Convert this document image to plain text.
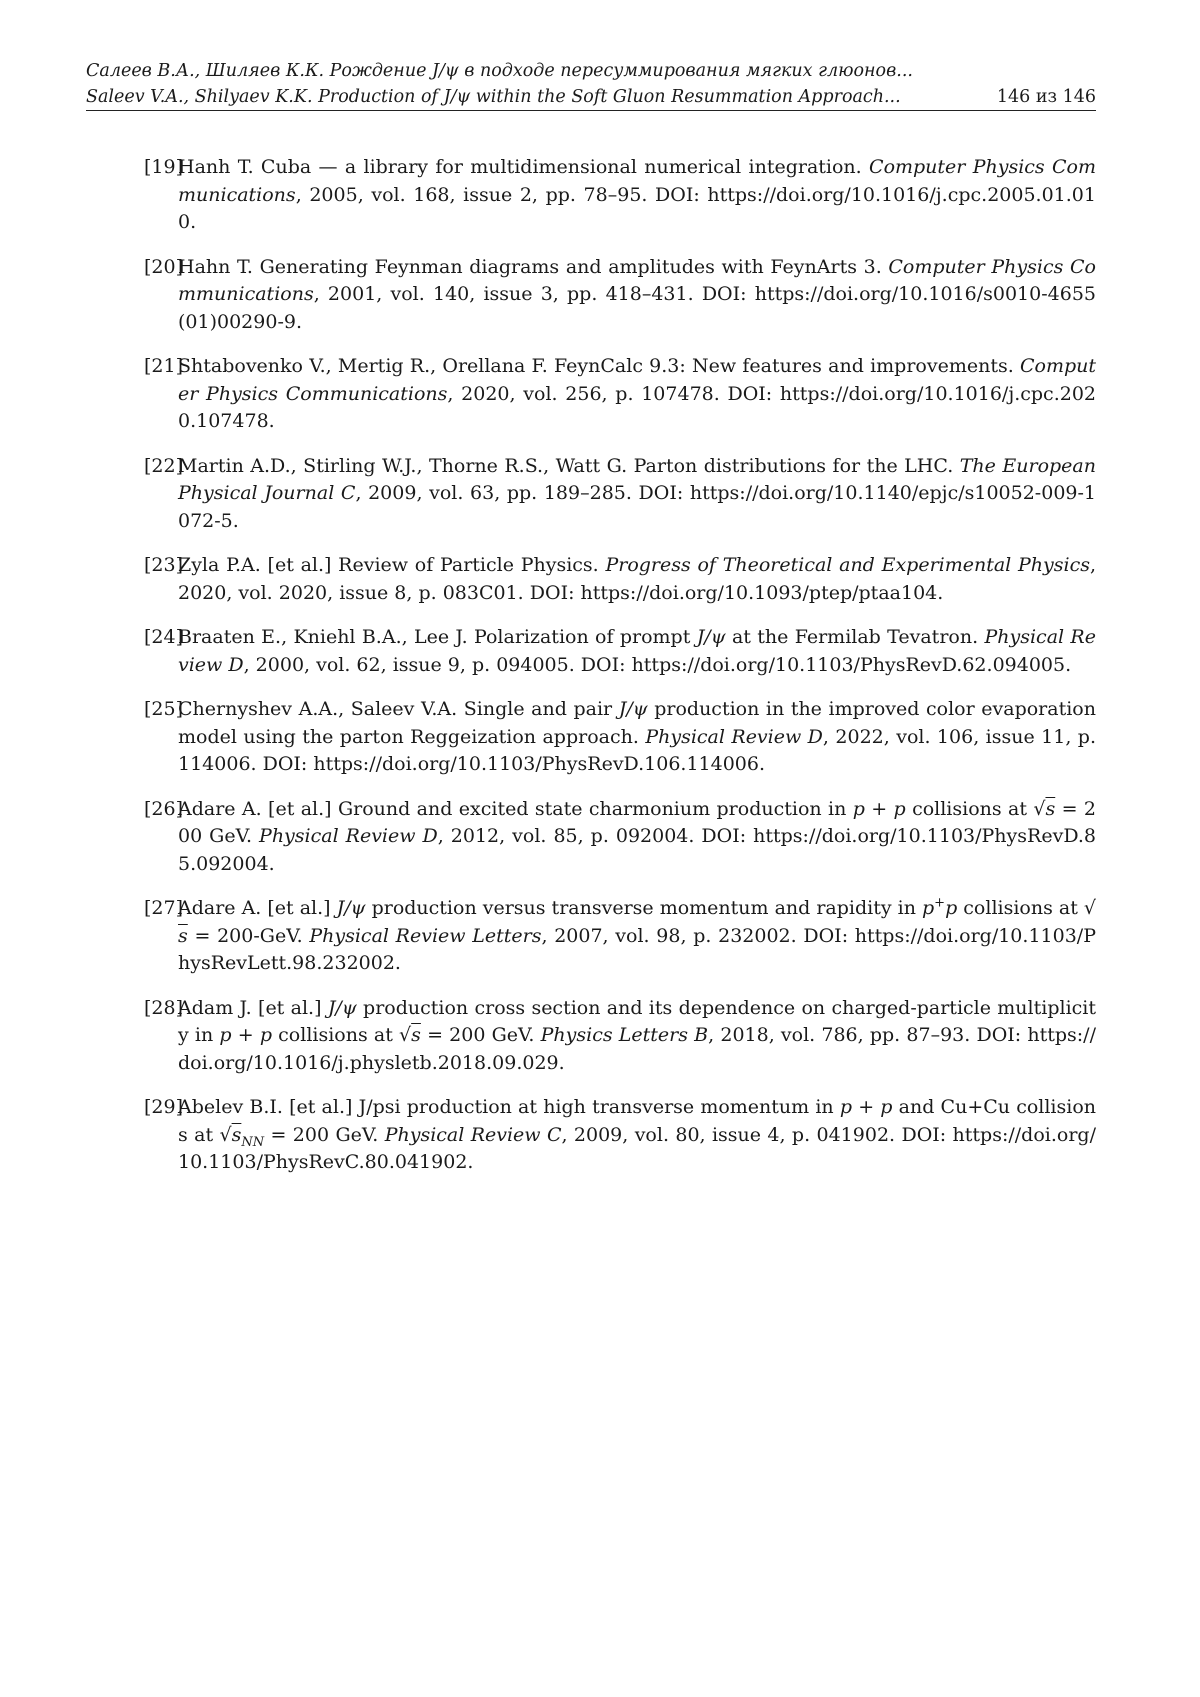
Салеев В.А., Шиляев К.К. Рождение J/ψ в подходе пересуммирования мягких глюонов...
Saleev V.A., Shilyaev K.K. Production of J/ψ within the Soft Gluon Resummation Approach...	146 из 146
[19]
Hanh T. Cuba — a library for multidimensional numerical integration. Computer Physics Communications, 2005, vol. 168, issue 2, pp. 78–95. DOI: https://doi.org/10.1016/j.cpc.2005.01.010.
[20]
Hahn T. Generating Feynman diagrams and amplitudes with FeynArts 3. Computer Physics Communications, 2001, vol. 140, issue 3, pp. 418–431. DOI: https://doi.org/10.1016/s0010-4655(01)00290-9.
[21]
Shtabovenko V., Mertig R., Orellana F. FeynCalc 9.3: New features and improvements. Computer Physics Communications, 2020, vol. 256, p. 107478. DOI: https://doi.org/10.1016/j.cpc.2020.107478.
[22]
Martin A.D., Stirling W.J., Thorne R.S., Watt G. Parton distributions for the LHC. The European Physical Journal C, 2009, vol. 63, pp. 189–285. DOI: https://doi.org/10.1140/epjc/s10052-009-1072-5.
[23]
Zyla P.A. [et al.] Review of Particle Physics. Progress of Theoretical and Experimental Physics, 2020, vol. 2020, issue 8, p. 083C01. DOI: https://doi.org/10.1093/ptep/ptaa104.
[24]
Braaten E., Kniehl B.A., Lee J. Polarization of prompt J/ψ at the Fermilab Tevatron. Physical Review D, 2000, vol. 62, issue 9, p. 094005. DOI: https://doi.org/10.1103/PhysRevD.62.094005.
[25]
Chernyshev A.A., Saleev V.A. Single and pair J/ψ production in the improved color evaporation model using the parton Reggeization approach. Physical Review D, 2022, vol. 106, issue 11, p. 114006. DOI: https://doi.org/10.1103/PhysRevD.106.114006.
[26]
Adare A. [et al.] Ground and excited state charmonium production in p + p collisions at √s = 200 GeV. Physical Review D, 2012, vol. 85, p. 092004. DOI: https://doi.org/10.1103/PhysRevD.85.092004.
[27]
Adare A. [et al.] J/ψ production versus transverse momentum and rapidity in p+p collisions at √s = 200-GeV. Physical Review Letters, 2007, vol. 98, p. 232002. DOI: https://doi.org/10.1103/PhysRevLett.98.232002.
[28]
Adam J. [et al.] J/ψ production cross section and its dependence on charged-particle multiplicity in p + p collisions at √s = 200 GeV. Physics Letters B, 2018, vol. 786, pp. 87–93. DOI: https://doi.org/10.1016/j.physletb.2018.09.029.
[29]
Abelev B.I. [et al.] J/psi production at high transverse momentum in p + p and Cu+Cu collisions at √sNN = 200 GeV. Physical Review C, 2009, vol. 80, issue 4, p. 041902. DOI: https://doi.org/10.1103/PhysRevC.80.041902.
